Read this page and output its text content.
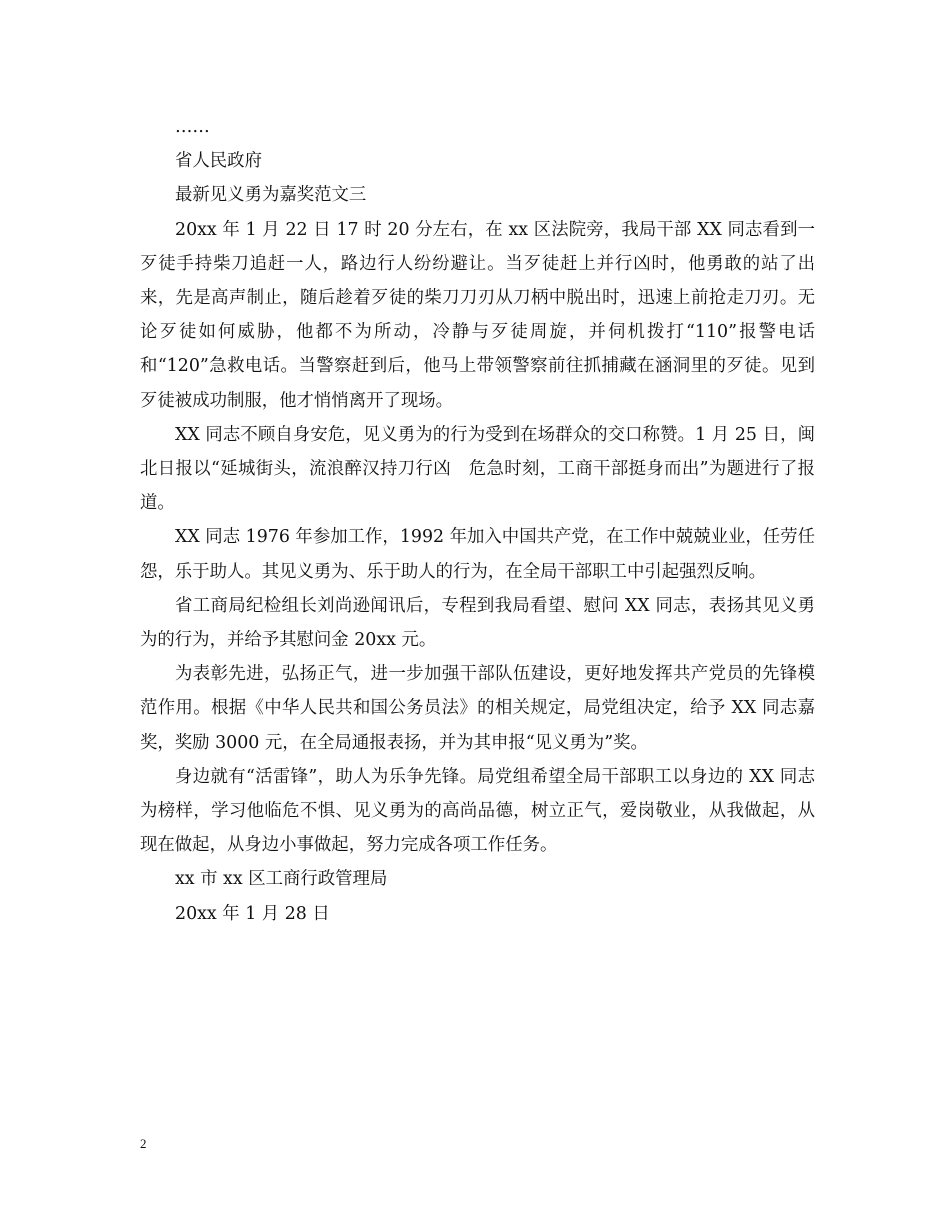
……

省人民政府

最新见义勇为嘉奖范文三

20xx 年 1 月 22 日 17 时 20 分左右，在 xx 区法院旁，我局干部 XX 同志看到一歹徒手持柴刀追赶一人，路边行人纷纷避让。当歹徒赶上并行凶时，他勇敢的站了出来，先是高声制止，随后趁着歹徒的柴刀刀刃从刀柄中脱出时，迅速上前抢走刀刃。无论歹徒如何威胁，他都不为所动，冷静与歹徒周旋，并伺机拨打“110”报警电话和“120”急救电话。当警察赶到后，他马上带领警察前往抓捕藏在涵洞里的歹徒。见到歹徒被成功制服，他才悄悄离开了现场。

XX 同志不顾自身安危，见义勇为的行为受到在场群众的交口称赞。1 月 25 日，闽北日报以“延城街头，流浪醉汉持刀行凶　危急时刻，工商干部挺身而出”为题进行了报道。

XX 同志 1976 年参加工作，1992 年加入中国共产党，在工作中兢兢业业，任劳任怨，乐于助人。其见义勇为、乐于助人的行为，在全局干部职工中引起强烈反响。

省工商局纪检组长刘尚逊闻讯后，专程到我局看望、慰问 XX 同志，表扬其见义勇为的行为，并给予其慰问金 20xx 元。

为表彰先进，弘扬正气，进一步加强干部队伍建设，更好地发挥共产党员的先锋模范作用。根据《中华人民共和国公务员法》的相关规定，局党组决定，给予 XX 同志嘉奖，奖励 3000 元，在全局通报表扬，并为其申报“见义勇为”奖。

身边就有“活雷锋”，助人为乐争先锋。局党组希望全局干部职工以身边的 XX 同志为榜样，学习他临危不惧、见义勇为的高尚品德，树立正气，爱岗敬业，从我做起，从现在做起，从身边小事做起，努力完成各项工作任务。

xx 市 xx 区工商行政管理局

20xx 年 1 月 28 日

2
